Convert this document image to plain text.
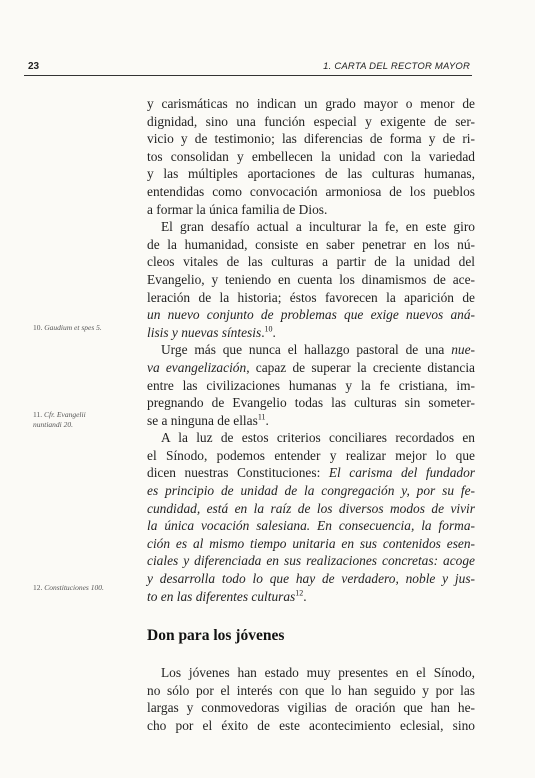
23	1. CARTA DEL RECTOR MAYOR

y carismáticas no indican un grado mayor o menor de
dignidad, sino una función especial y exigente de ser-
vicio y de testimonio; las diferencias de forma y de ri-
tos consolidan y embellecen la unidad con la variedad
y las múltiples aportaciones de las culturas humanas,
entendidas como convocación armoniosa de los pueblos
a formar la única familia de Dios.

El gran desafío actual a inculturar la fe, en este giro
de la humanidad, consiste en saber penetrar en los nú-
cleos vitales de las culturas a partir de la unidad del
Evangelio, y teniendo en cuenta los dinamismos de ace-
leración de la historia; éstos favorecen la aparición de
un nuevo conjunto de problemas que exige nuevos aná-
lisis y nuevas síntesis.$^{10}$.

Urge más que nunca el hallazgo pastoral de una nue-
va evangelización, capaz de superar la creciente distancia
entre las civilizaciones humanas y la fe cristiana, im-
pregnando de Evangelio todas las culturas sin someter-
se a ninguna de ellas$^{11}$.

A la luz de estos criterios conciliares recordados en
el Sínodo, podemos entender y realizar mejor lo que
dicen nuestras Constituciones: El carisma del fundador
es principio de unidad de la congregación y, por su fe-
cundidad, está en la raíz de los diversos modos de vivir
la única vocación salesiana. En consecuencia, la forma-
ción es al mismo tiempo unitaria en sus contenidos esen-
ciales y diferenciada en sus realizaciones concretas: acoge
y desarrolla todo lo que hay de verdadero, noble y jus-
to en las diferentes culturas$^{12}$.

10. Gaudium et spes 5.
11. Cfr. Evangelii nuntiandi 20.
12. Constituciones 100.
Don para los jóvenes
Los jóvenes han estado muy presentes en el Sínodo,
no sólo por el interés con que lo han seguido y por las
largas y conmovedoras vigilias de oración que han he-
cho por el éxito de este acontecimiento eclesial, sino
